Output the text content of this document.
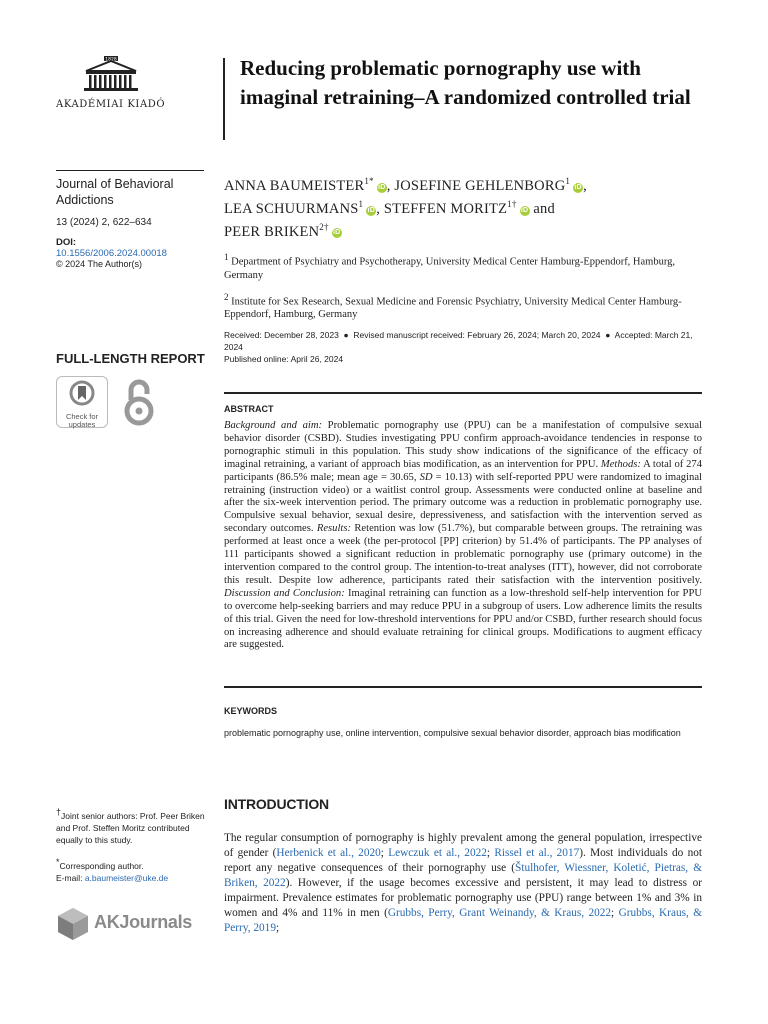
1828
AKADÉMIAI KIADÓ
Journal of Behavioral Addictions
13 (2024) 2, 622–634
DOI:
10.1556/2006.2024.00018
© 2024 The Author(s)
FULL-LENGTH REPORT
Check for
updates
†Joint senior authors: Prof. Peer Briken and Prof. Steffen Moritz contributed equally to this study.
*Corresponding author.
E-mail: a.baumeister@uke.de
AKJournals
Reducing problematic pornography use with imaginal retraining–A randomized controlled trial
ANNA $BAUMEISTER^{1*}iD$, JOSEFINE GEHLENBORG$^1$iD,
LEA SCHUURMANS$^1$iD, STEFFEN $MORITZ^{1\dagger}iD$ and
PEER $BRIKEN^{2\dagger}iD$
$^1$ Department of Psychiatry and Psychotherapy, University Medical Center Hamburg-Eppendorf, Hamburg, Germany
$^2$ Institute for Sex Research, Sexual Medicine and Forensic Psychiatry, University Medical Center Hamburg-Eppendorf, Hamburg, Germany
Received: December 28, 2023  ●  Revised manuscript received: February 26, 2024; March 20, 2024  ●  Accepted: March 21, 2024
Published online: April 26, 2024
ABSTRACT
Background and aim: Problematic pornography use (PPU) can be a manifestation of compulsive sexual behavior disorder (CSBD). Studies investigating PPU confirm approach-avoidance tendencies in response to pornographic stimuli in this population. This study show indications of the significance of the efficacy of imaginal retraining, a variant of approach bias modification, as an intervention for PPU. Methods: A total of 274 participants (86.5% male; mean age = 30.65, SD = 10.13) with self-reported PPU were randomized to imaginal retraining (instruction video) or a waitlist control group. Assessments were conducted online at baseline and after the six-week intervention period. The primary outcome was a reduction in problematic pornography use. Compulsive sexual behavior, sexual desire, depressiveness, and satisfaction with the intervention served as secondary outcomes. Results: Retention was low (51.7%), but comparable between groups. The retraining was performed at least once a week (the per-protocol [PP] criterion) by 51.4% of participants. The PP analyses of 111 participants showed a significant reduction in problematic pornography use (primary outcome) in the intervention compared to the control group. The intention-to-treat analyses (ITT), however, did not corroborate this result. Despite low adherence, participants rated their satisfaction with the intervention positively. Discussion and Conclusion: Imaginal retraining can function as a low-threshold self-help intervention for PPU to overcome help-seeking barriers and may reduce PPU in a subgroup of users. Low adherence limits the results of this trial. Given the need for low-threshold interventions for PPU and/or CSBD, further research should focus on increasing adherence and should evaluate retraining for clinical groups. Modifications to augment efficacy are suggested.
KEYWORDS
problematic pornography use, online intervention, compulsive sexual behavior disorder, approach bias modification
INTRODUCTION
The regular consumption of pornography is highly prevalent among the general population, irrespective of gender (Herbenick et al., 2020; Lewczuk et al., 2022; Rissel et al., 2017). Most individuals do not report any negative consequences of their pornography use (Štulhofer, Wiessner, Koletić, Pietras, & Briken, 2022). However, if the usage becomes excessive and persistent, it may lead to distress or impairment. Prevalence estimates for problematic pornography use (PPU) range between 1% and 3% in women and 4% and 11% in men (Grubbs, Perry, Grant Weinandy, & Kraus, 2022; Grubbs, Kraus, & Perry, 2019;
